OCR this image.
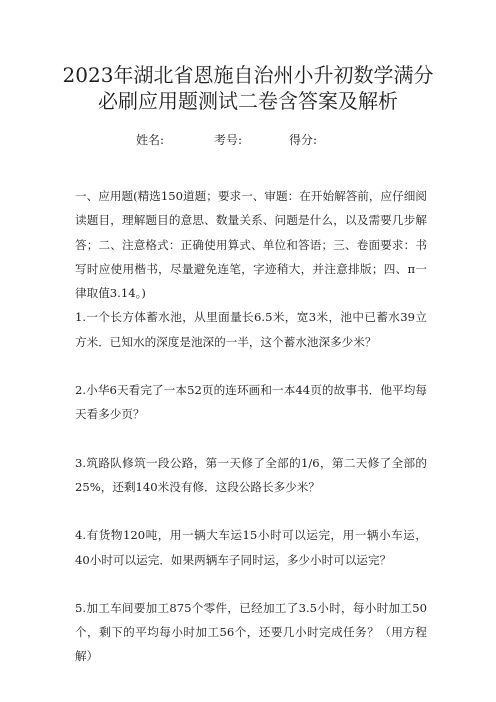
2023年湖北省恩施自治州小升初数学满分
必刷应用题测试二卷含答案及解析
姓名:	考号:	得分:

一、应用题(精选150道题；要求一、审题：在开始解答前，应仔细阅读题目，理解题目的意思、数量关系、问题是什么，以及需要几步解答；二、注意格式：正确使用算式、单位和答语；三、卷面要求：书写时应使用楷书，尽量避免连笔，字迹稍大，并注意排版；四、π一律取值3.14。)

1.一个长方体蓄水池，从里面量长6.5米，宽3米，池中已蓄水39立方米．已知水的深度是池深的一半，这个蓄水池深多少米？

2.小华6天看完了一本52页的连环画和一本44页的故事书．他平均每天看多少页？

3.筑路队修筑一段公路，第一天修了全部的1/6，第二天修了全部的25%，还剩140米没有修．这段公路长多少米？

4.有货物120吨，用一辆大车运15小时可以运完，用一辆小车运，40小时可以运完．如果两辆车子同时运，多少小时可以运完？

5.加工车间要加工875个零件，已经加工了3.5小时，每小时加工50个，剩下的平均每小时加工56个，还要几小时完成任务？（用方程解）
